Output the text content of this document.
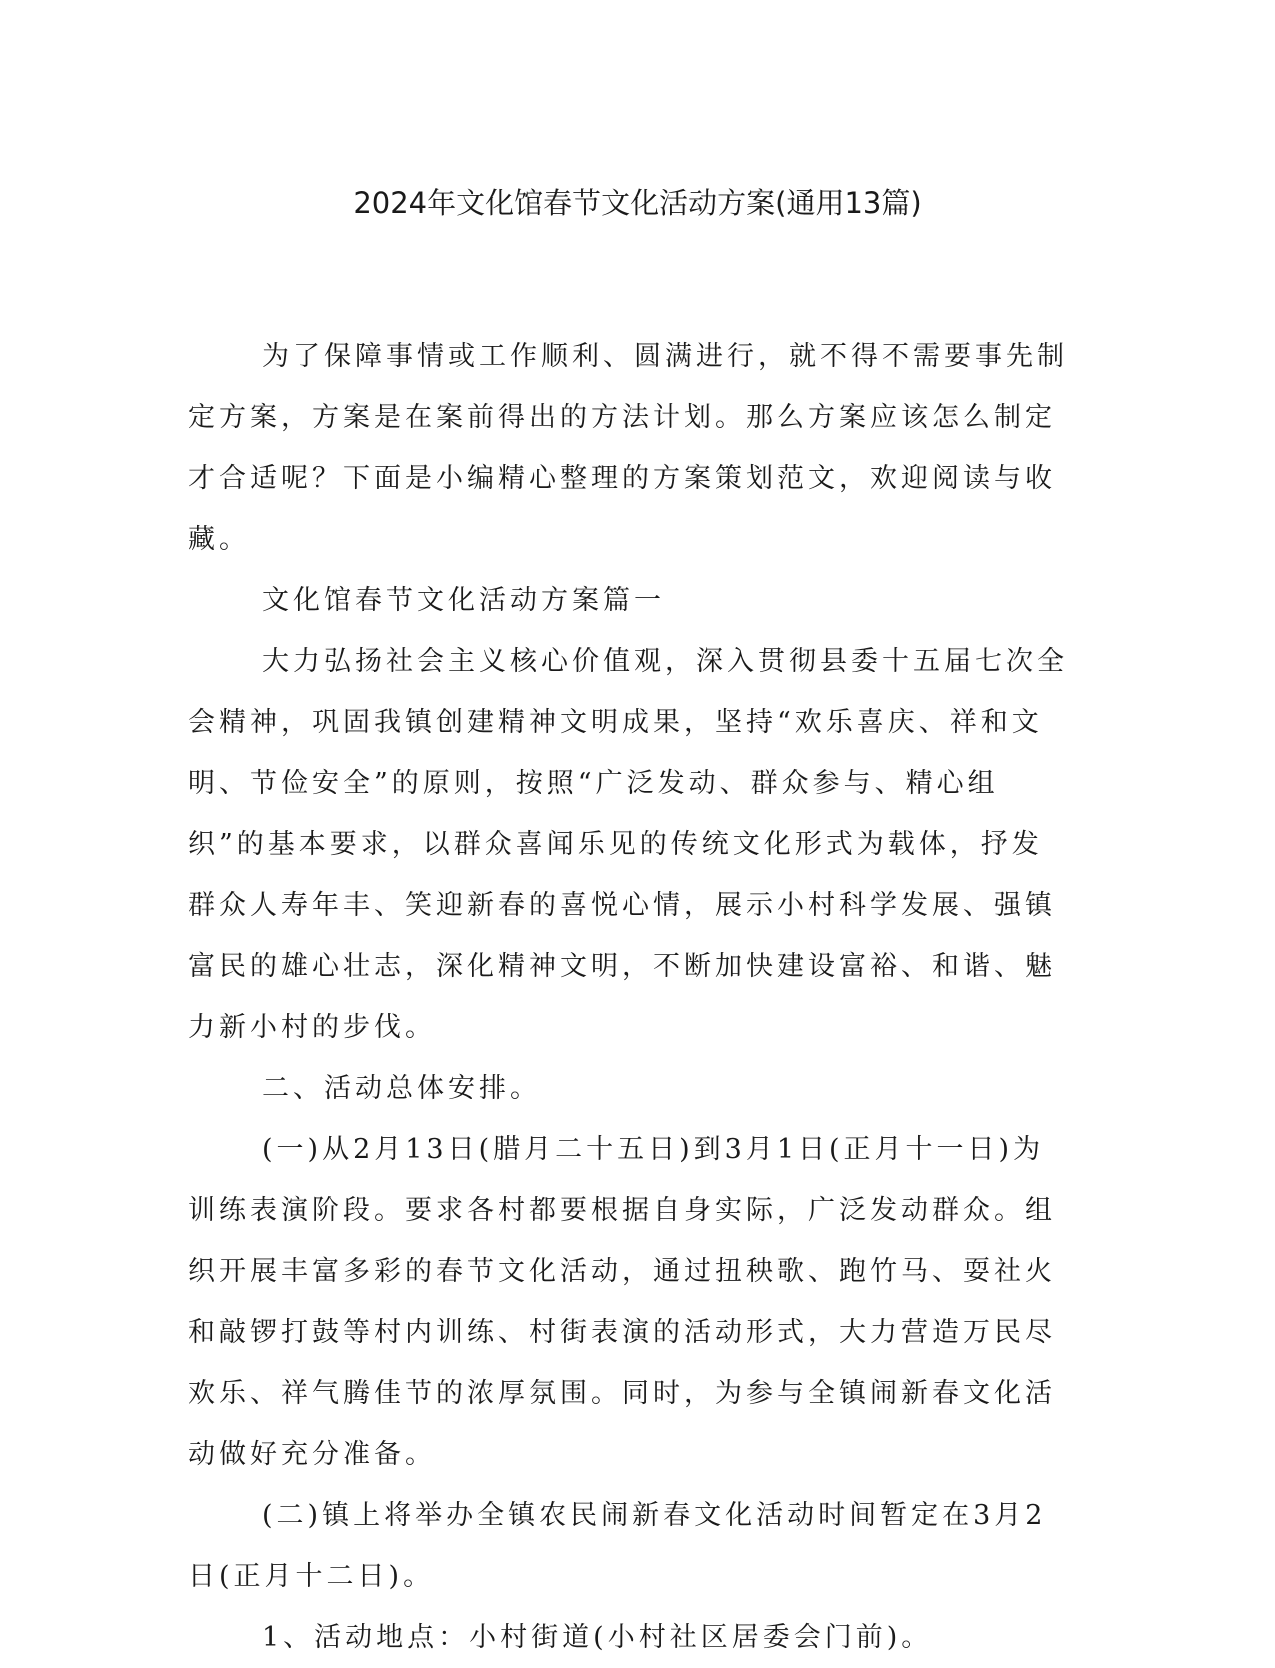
2024年文化馆春节文化活动方案(通用13篇)

为了保障事情或工作顺利、圆满进行，就不得不需要事先制定方案，方案是在案前得出的方法计划。那么方案应该怎么制定才合适呢？下面是小编精心整理的方案策划范文，欢迎阅读与收藏。

文化馆春节文化活动方案篇一

大力弘扬社会主义核心价值观，深入贯彻县委十五届七次全会精神，巩固我镇创建精神文明成果，坚持“欢乐喜庆、祥和文明、节俭安全”的原则，按照“广泛发动、群众参与、精心组织”的基本要求，以群众喜闻乐见的传统文化形式为载体，抒发群众人寿年丰、笑迎新春的喜悦心情，展示小村科学发展、强镇富民的雄心壮志，深化精神文明，不断加快建设富裕、和谐、魅力新小村的步伐。

二、活动总体安排。

(一)从2月13日(腊月二十五日)到3月1日(正月十一日)为训练表演阶段。要求各村都要根据自身实际，广泛发动群众。组织开展丰富多彩的春节文化活动，通过扭秧歌、跑竹马、耍社火和敲锣打鼓等村内训练、村街表演的活动形式，大力营造万民尽欢乐、祥气腾佳节的浓厚氛围。同时，为参与全镇闹新春文化活动做好充分准备。

(二)镇上将举办全镇农民闹新春文化活动时间暂定在3月2日(正月十二日)。

1、活动地点：小村街道(小村社区居委会门前)。
